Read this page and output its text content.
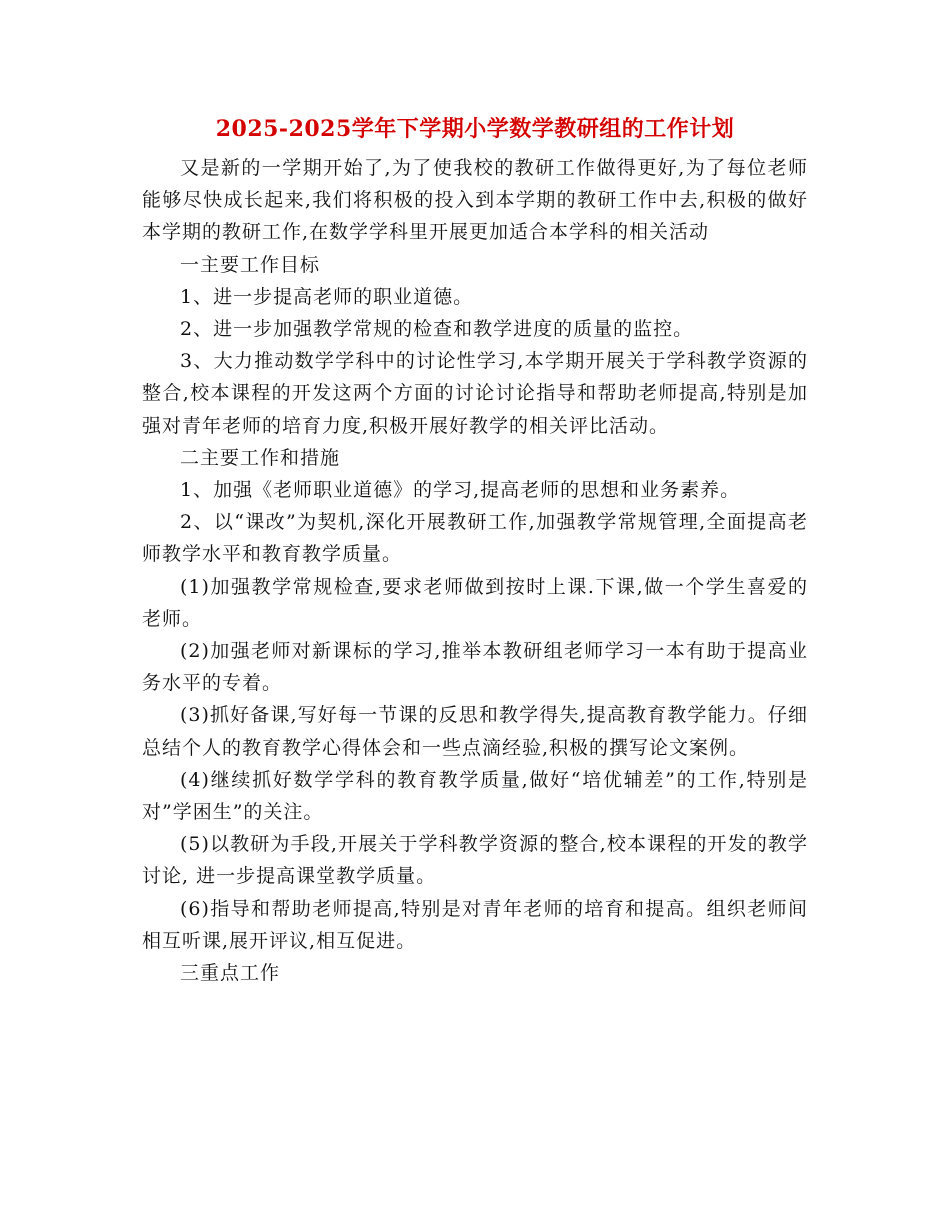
2025-2025学年下学期小学数学教研组的工作计划

又是新的一学期开始了,为了使我校的教研工作做得更好,为了每位老师能够尽快成长起来,我们将积极的投入到本学期的教研工作中去,积极的做好本学期的教研工作,在数学学科里开展更加适合本学科的相关活动

一主要工作目标

1、进一步提高老师的职业道德。

2、进一步加强教学常规的检查和教学进度的质量的监控。

3、大力推动数学学科中的讨论性学习,本学期开展关于学科教学资源的整合,校本课程的开发这两个方面的讨论讨论指导和帮助老师提高,特别是加强对青年老师的培育力度,积极开展好教学的相关评比活动。

二主要工作和措施

1、加强《老师职业道德》的学习,提高老师的思想和业务素养。

2、以“课改”为契机,深化开展教研工作,加强教学常规管理,全面提高老师教学水平和教育教学质量。

(1)加强教学常规检查,要求老师做到按时上课.下课,做一个学生喜爱的老师。

(2)加强老师对新课标的学习,推举本教研组老师学习一本有助于提高业务水平的专着。

(3)抓好备课,写好每一节课的反思和教学得失,提高教育教学能力。仔细总结个人的教育教学心得体会和一些点滴经验,积极的撰写论文案例。

(4)继续抓好数学学科的教育教学质量,做好“培优辅差”的工作,特别是对”学困生”的关注。

(5)以教研为手段,开展关于学科教学资源的整合,校本课程的开发的教学讨论, 进一步提高课堂教学质量。

(6)指导和帮助老师提高,特别是对青年老师的培育和提高。组织老师间相互听课,展开评议,相互促进。

三重点工作
